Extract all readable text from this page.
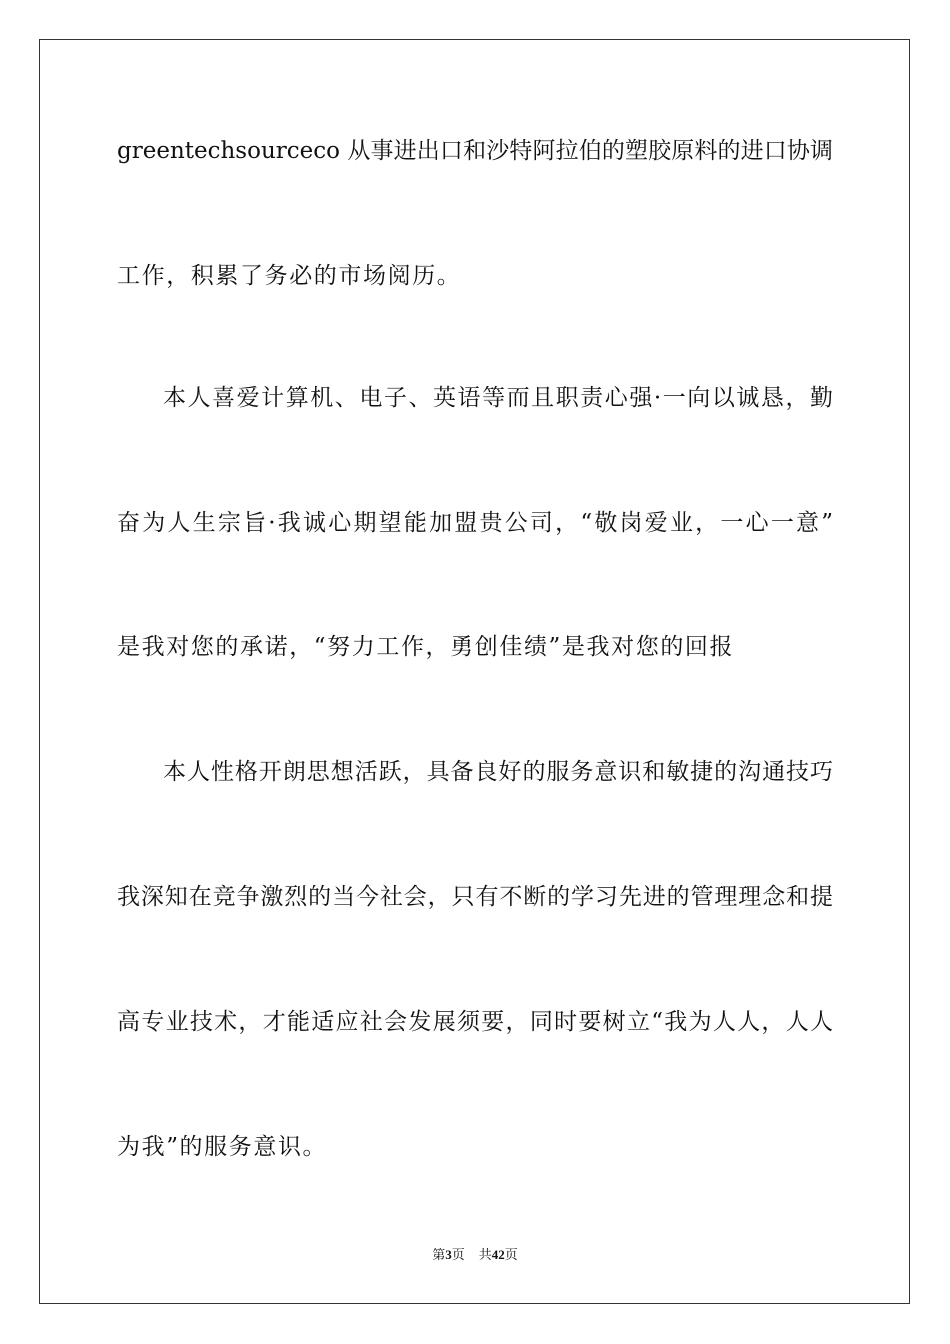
greentechsourceco 从事进出口和沙特阿拉伯的塑胶原料的进口协调
工作，积累了务必的市场阅历。
本人喜爱计算机、电子、英语等而且职责心强·一向以诚恳，勤
奋为人生宗旨·我诚心期望能加盟贵公司，“敬岗爱业，一心一意”
是我对您的承诺，“努力工作，勇创佳绩”是我对您的回报
本人性格开朗思想活跃，具备良好的服务意识和敏捷的沟通技巧
我深知在竞争激烈的当今社会，只有不断的学习先进的管理理念和提
高专业技术，才能适应社会发展须要，同时要树立“我为人人，人人
为我”的服务意识。
第3页 共42页
